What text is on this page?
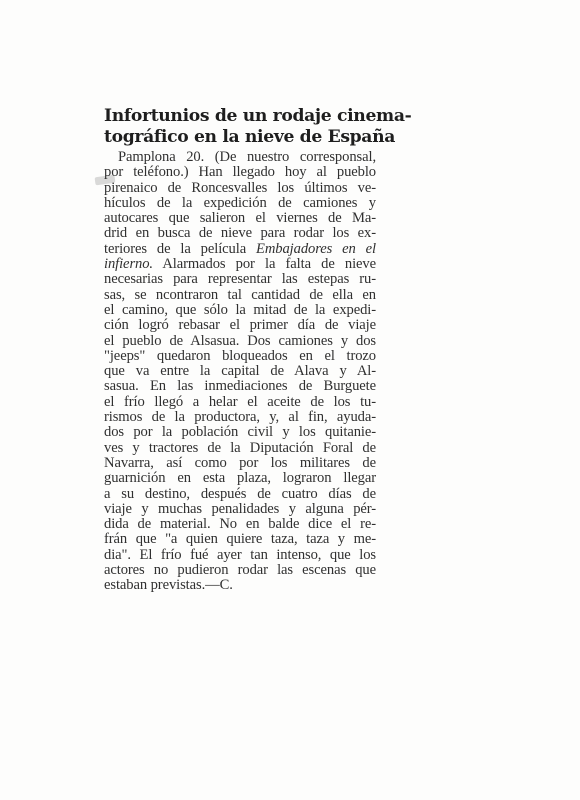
Infortunios de un rodaje cinema-
tográfico en la nieve de España
Pamplona 20. (De nuestro corresponsal,
por teléfono.) Han llegado hoy al pueblo
pirenaico de Roncesvalles los últimos ve-
hículos de la expedición de camiones y
autocares que salieron el viernes de Ma-
drid en busca de nieve para rodar los ex-
teriores de la película Embajadores en el
infierno. Alarmados por la falta de nieve
necesarias para representar las estepas ru-
sas, se ncontraron tal cantidad de ella en
el camino, que sólo la mitad de la expedi-
ción logró rebasar el primer día de viaje
el pueblo de Alsasua. Dos camiones y dos
"jeeps" quedaron bloqueados en el trozo
que va entre la capital de Alava y Al-
sasua. En las inmediaciones de Burguete
el frío llegó a helar el aceite de los tu-
rismos de la productora, y, al fin, ayuda-
dos por la población civil y los quitanie-
ves y tractores de la Diputación Foral de
Navarra, así como por los militares de
guarnición en esta plaza, lograron llegar
a su destino, después de cuatro días de
viaje y muchas penalidades y alguna pér-
dida de material. No en balde dice el re-
frán que "a quien quiere taza, taza y me-
dia". El frío fué ayer tan intenso, que los
actores no pudieron rodar las escenas que
estaban previstas.—C.
